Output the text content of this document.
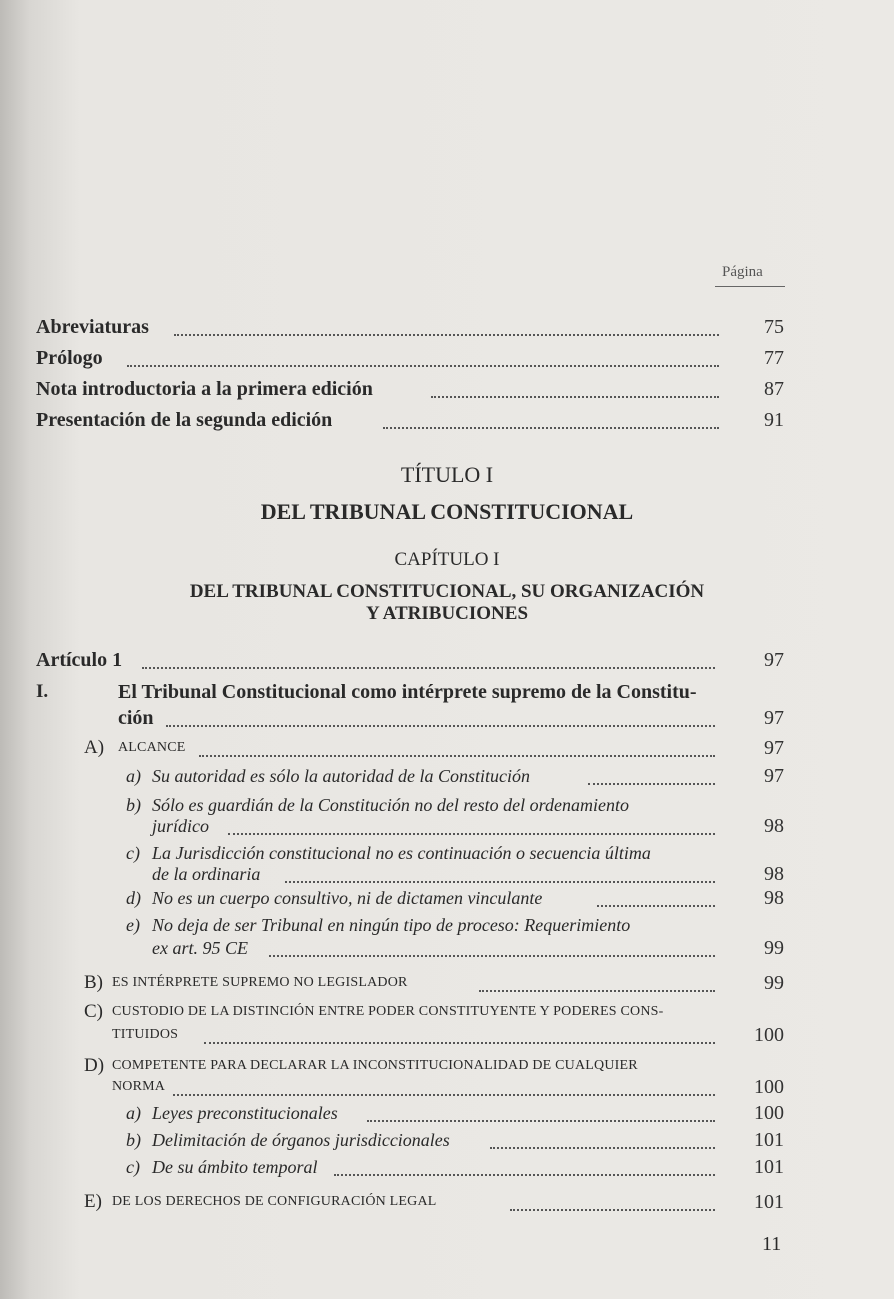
Página
Abreviaturas	75
Prólogo	77
Nota introductoria a la primera edición	87
Presentación de la segunda edición	91
TÍTULO I
DEL TRIBUNAL CONSTITUCIONAL
CAPÍTULO I
DEL TRIBUNAL CONSTITUCIONAL, SU ORGANIZACIÓN
Y ATRIBUCIONES
Artículo 1	97
I.	El Tribunal Constitucional como intérprete supremo de la Constitu-
ción	97
A) ALCANCE	97
a) Su autoridad es sólo la autoridad de la Constitución	97
b) Sólo es guardián de la Constitución no del resto del ordenamiento
jurídico	98
c) La Jurisdicción constitucional no es continuación o secuencia última
de la ordinaria	98
d) No es un cuerpo consultivo, ni de dictamen vinculante	98
e) No deja de ser Tribunal en ningún tipo de proceso: Requerimiento
ex art. 95 CE	99
B) ES INTÉRPRETE SUPREMO NO LEGISLADOR	99
C) CUSTODIO DE LA DISTINCIÓN ENTRE PODER CONSTITUYENTE Y PODERES CONS-
TITUIDOS	100
D) COMPETENTE PARA DECLARAR LA INCONSTITUCIONALIDAD DE CUALQUIER
NORMA	100
a) Leyes preconstitucionales	100
b) Delimitación de órganos jurisdiccionales	101
c) De su ámbito temporal	101
E) DE LOS DERECHOS DE CONFIGURACIÓN LEGAL	101
11
